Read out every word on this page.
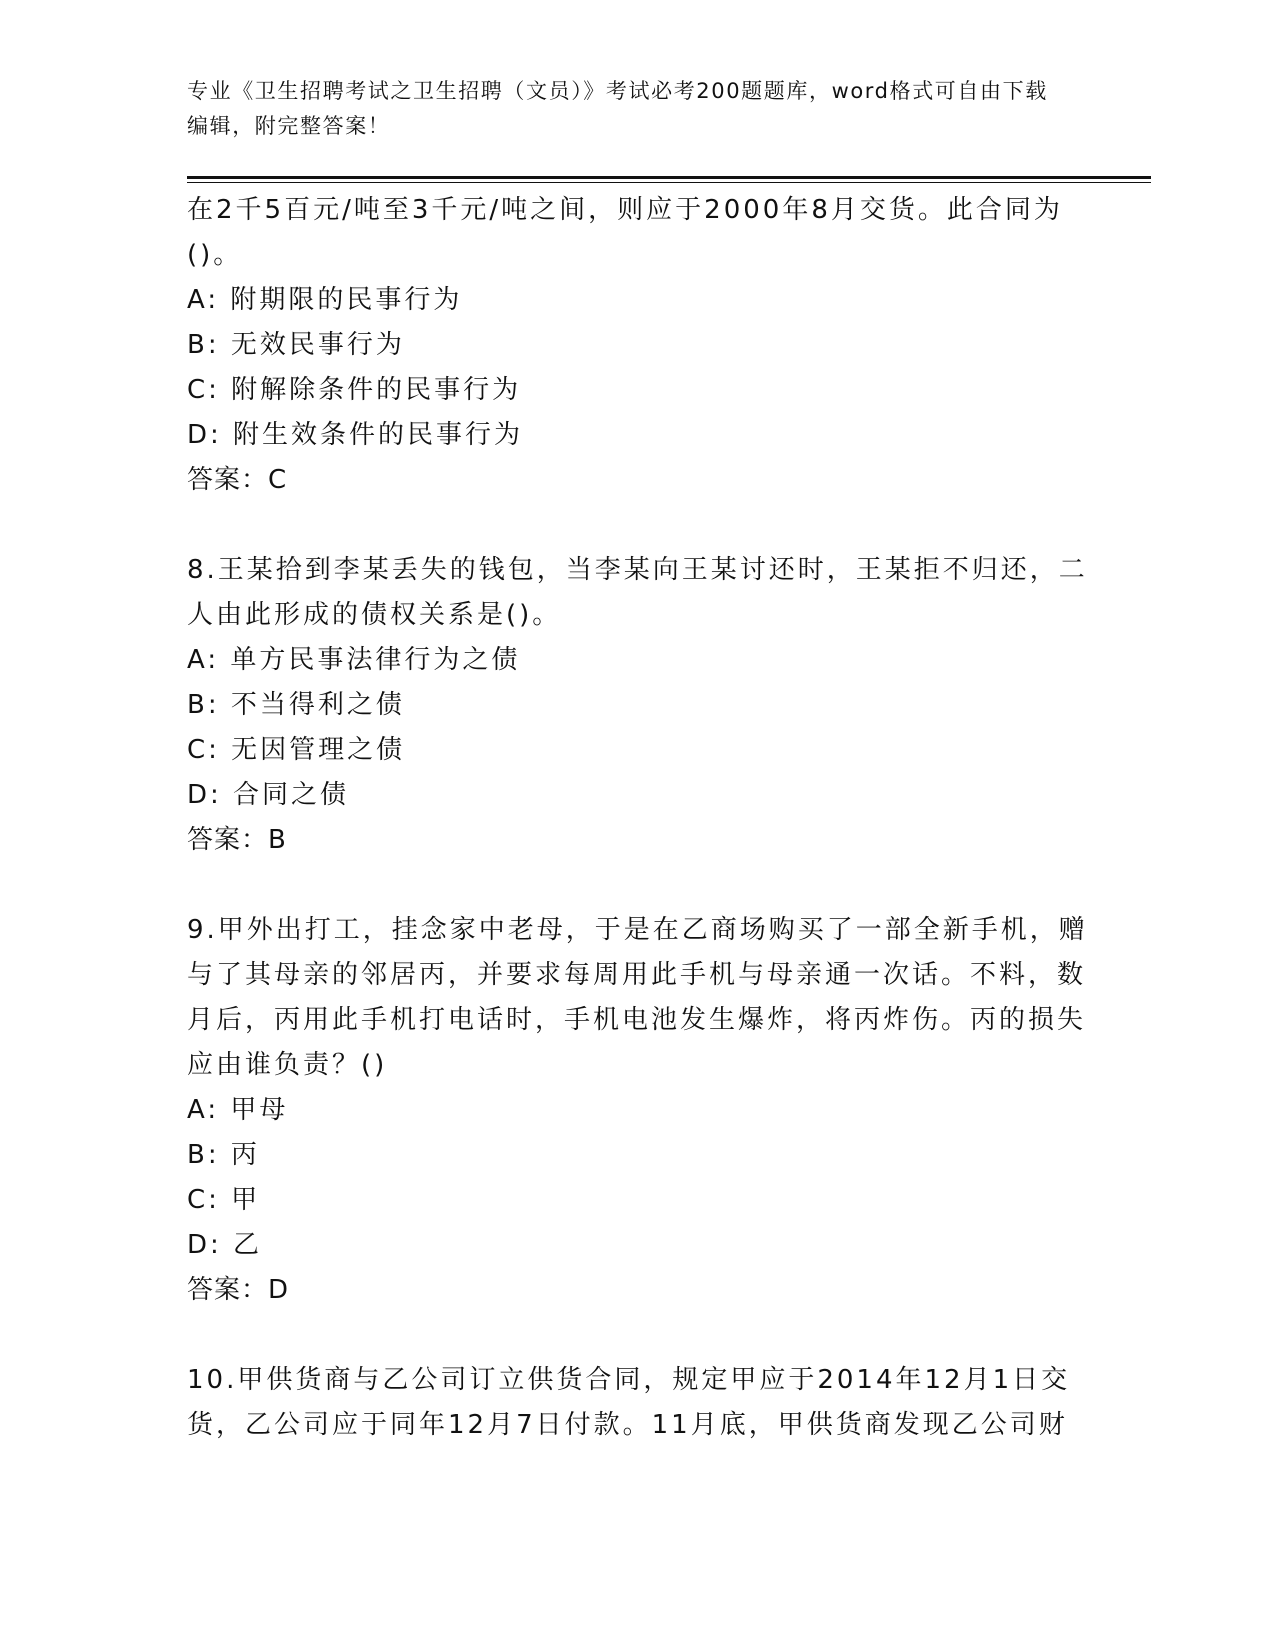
专业《卫生招聘考试之卫生招聘（文员）》考试必考200题题库，word格式可自由下载编辑，附完整答案！
在2千5百元/吨至3千元/吨之间，则应于2000年8月交货。此合同为()。
A: 附期限的民事行为
B: 无效民事行为
C: 附解除条件的民事行为
D: 附生效条件的民事行为
答案：C
8.王某拾到李某丢失的钱包，当李某向王某讨还时，王某拒不归还，二人由此形成的债权关系是()。
A: 单方民事法律行为之债
B: 不当得利之债
C: 无因管理之债
D: 合同之债
答案：B
9.甲外出打工，挂念家中老母，于是在乙商场购买了一部全新手机，赠与了其母亲的邻居丙，并要求每周用此手机与母亲通一次话。不料，数月后，丙用此手机打电话时，手机电池发生爆炸，将丙炸伤。丙的损失应由谁负责？()
A: 甲母
B: 丙
C: 甲
D: 乙
答案：D
10.甲供货商与乙公司订立供货合同，规定甲应于2014年12月1日交货，乙公司应于同年12月7日付款。11月底，甲供货商发现乙公司财
